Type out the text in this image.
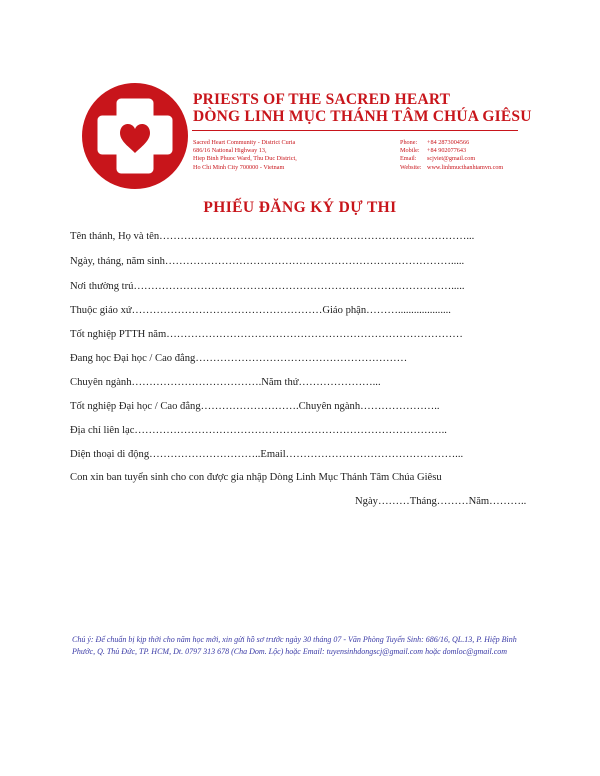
PRIESTS OF THE SACRED HEART
DÒNG LINH MỤC THÁNH TÂM CHÚA GIÊSU
Sacred Heart Community - District Curia
686/16 National Highway 13,
Hiep Binh Phuoc Ward, Thu Duc District,
Ho Chi Minh City 700000 - Vietnam
Phone: +84 2873004566
Mobile: +84 902077643
Email: scjviet@gmail.com
Website: www.linhmucthanhtamvn.com
PHIẾU ĐĂNG KÝ DỰ THI
Tên thánh, Họ và tên……………………………………………………………………………...
Ngày, tháng, năm sinh……………………………………………………………………….....
Nơi thường trú……………………………………………………………………………….....
Thuộc giáo xứ………………………………………………Giáo phận………....................
Tốt nghiệp PTTH năm…………………………………………………………………………
Đang học Đại học / Cao đẳng……………………………………………………
Chuyên ngành……………………………….Năm thứ…………………...
Tốt nghiệp Đại học / Cao đẳng……………………….Chuyên ngành…………………..
Địa chỉ liên lạc……………………………………………………………………………..
Diện thoại di động…………………………..Email…………………………………………...
Con xin ban tuyển sinh cho con được gia nhập Dòng Linh Mục Thánh Tâm Chúa Giêsu
Ngày………Tháng………Năm………..
Chú ý: Để chuẩn bị kịp thời cho năm học mới, xin gửi hồ sơ trước ngày 30 tháng 07 - Văn Phòng Tuyển Sinh: 686/16, QL.13, P. Hiệp Bình Phước, Q. Thủ Đức, TP. HCM, Dt. 0797 313 678 (Cha Dom. Lộc) hoặc Email: tuyensinhdongscj@gmail.com hoặc domloc@gmail.com
